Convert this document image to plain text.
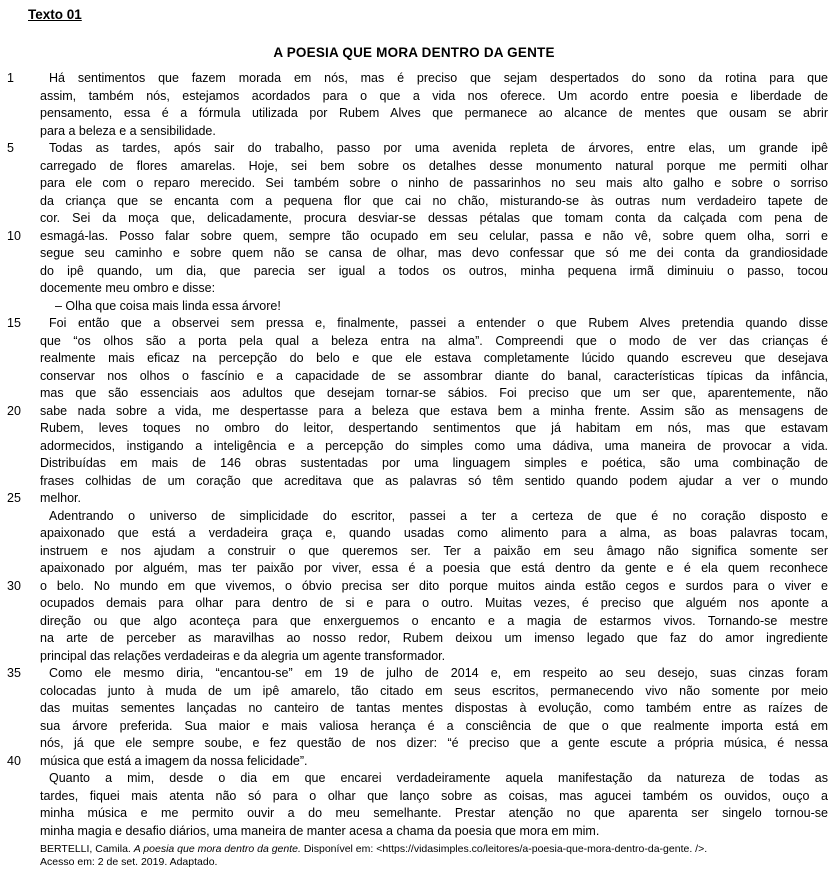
Texto 01
A POESIA QUE MORA DENTRO DA GENTE
1	Há sentimentos que fazem morada em nós, mas é preciso que sejam despertados do sono da rotina para que
assim, também nós, estejamos acordados para o que a vida nos oferece. Um acordo entre poesia e liberdade de
pensamento, essa é a fórmula utilizada por Rubem Alves que permanece ao alcance de mentes que ousam se abrir
para a beleza e a sensibilidade.
5	Todas as tardes, após sair do trabalho, passo por uma avenida repleta de árvores, entre elas, um grande ipê
carregado de flores amarelas. Hoje, sei bem sobre os detalhes desse monumento natural porque me permiti olhar
para ele com o reparo merecido. Sei também sobre o ninho de passarinhos no seu mais alto galho e sobre o sorriso
da criança que se encanta com a pequena flor que cai no chão, misturando-se às outras num verdadeiro tapete de
cor. Sei da moça que, delicadamente, procura desviar-se dessas pétalas que tomam conta da calçada com pena de
10	esmagá-las. Posso falar sobre quem, sempre tão ocupado em seu celular, passa e não vê, sobre quem olha, sorri e
segue seu caminho e sobre quem não se cansa de olhar, mas devo confessar que só me dei conta da grandiosidade
do ipê quando, um dia, que parecia ser igual a todos os outros, minha pequena irmã diminuiu o passo, tocou
docemente meu ombro e disse:
– Olha que coisa mais linda essa árvore!
15	Foi então que a observei sem pressa e, finalmente, passei a entender o que Rubem Alves pretendia quando disse
que “os olhos são a porta pela qual a beleza entra na alma”. Compreendi que o modo de ver das crianças é
realmente mais eficaz na percepção do belo e que ele estava completamente lúcido quando escreveu que desejava
conservar nos olhos o fascínio e a capacidade de se assombrar diante do banal, características típicas da infância,
mas que são essenciais aos adultos que desejam tornar-se sábios. Foi preciso que um ser que, aparentemente, não
20	sabe nada sobre a vida, me despertasse para a beleza que estava bem a minha frente. Assim são as mensagens de
Rubem, leves toques no ombro do leitor, despertando sentimentos que já habitam em nós, mas que estavam
adormecidos, instigando a inteligência e a percepção do simples como uma dádiva, uma maneira de provocar a vida.
Distribuídas em mais de 146 obras sustentadas por uma linguagem simples e poética, são uma combinação de
frases colhidas de um coração que acreditava que as palavras só têm sentido quando podem ajudar a ver o mundo
25	melhor.
Adentrando o universo de simplicidade do escritor, passei a ter a certeza de que é no coração disposto e
apaixonado que está a verdadeira graça e, quando usadas como alimento para a alma, as boas palavras tocam,
instruem e nos ajudam a construir o que queremos ser. Ter a paixão em seu âmago não significa somente ser
apaixonado por alguém, mas ter paixão por viver, essa é a poesia que está dentro da gente e é ela quem reconhece
30	o belo. No mundo em que vivemos, o óbvio precisa ser dito porque muitos ainda estão cegos e surdos para o viver e
ocupados demais para olhar para dentro de si e para o outro. Muitas vezes, é preciso que alguém nos aponte a
direção ou que algo aconteça para que enxerguemos o encanto e a magia de estarmos vivos. Tornando-se mestre
na arte de perceber as maravilhas ao nosso redor, Rubem deixou um imenso legado que faz do amor ingrediente
principal das relações verdadeiras e da alegria um agente transformador.
35	Como ele mesmo diria, “encantou-se” em 19 de julho de 2014 e, em respeito ao seu desejo, suas cinzas foram
colocadas junto à muda de um ipê amarelo, tão citado em seus escritos, permanecendo vivo não somente por meio
das muitas sementes lançadas no canteiro de tantas mentes dispostas à evolução, como também entre as raízes de
sua árvore preferida. Sua maior e mais valiosa herança é a consciência de que o que realmente importa está em
nós, já que ele sempre soube, e fez questão de nos dizer: “é preciso que a gente escute a própria música, é nessa
40	música que está a imagem da nossa felicidade”.
Quanto a mim, desde o dia em que encarei verdadeiramente aquela manifestação da natureza de todas as
tardes, fiquei mais atenta não só para o olhar que lanço sobre as coisas, mas agucei também os ouvidos, ouço a
minha música e me permito ouvir a do meu semelhante. Prestar atenção no que aparenta ser singelo tornou-se
minha magia e desafio diários, uma maneira de manter acesa a chama da poesia que mora em mim.
BERTELLI, Camila. A poesia que mora dentro da gente. Disponível em: <https://vidasimples.co/leitores/a-poesia-que-mora-dentro-da-gente. />.
Acesso em: 2 de set. 2019. Adaptado.
